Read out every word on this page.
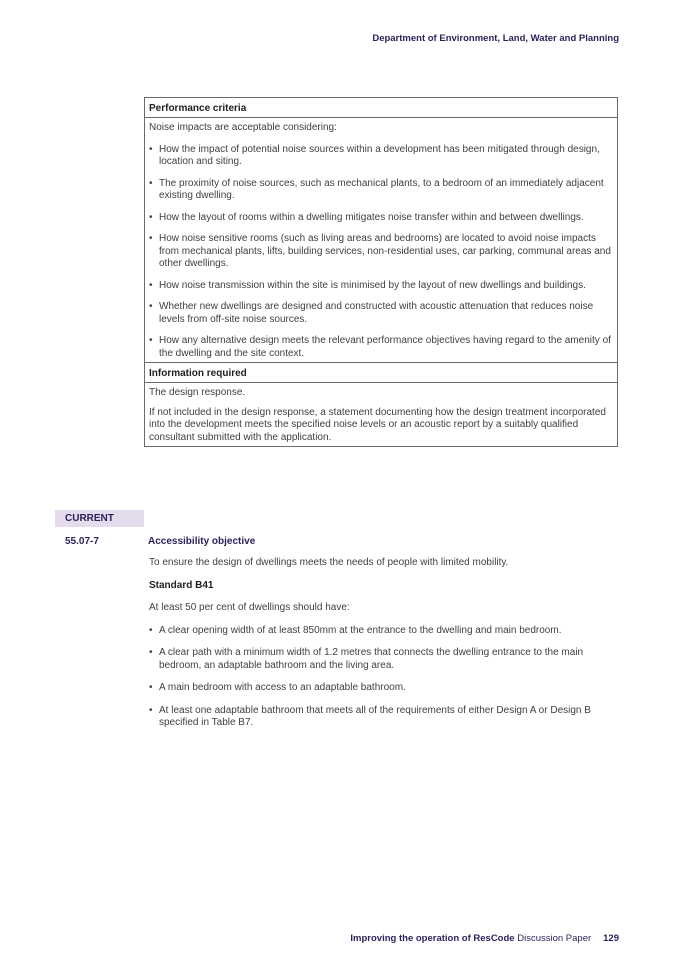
Department of Environment, Land, Water and Planning
Performance criteria

Noise impacts are acceptable considering:

• How the impact of potential noise sources within a development has been mitigated through design, location and siting.
• The proximity of noise sources, such as mechanical plants, to a bedroom of an immediately adjacent existing dwelling.
• How the layout of rooms within a dwelling mitigates noise transfer within and between dwellings.
• How noise sensitive rooms (such as living areas and bedrooms) are located to avoid noise impacts from mechanical plants, lifts, building services, non-residential uses, car parking, communal areas and other dwellings.
• How noise transmission within the site is minimised by the layout of new dwellings and buildings.
• Whether new dwellings are designed and constructed with acoustic attenuation that reduces noise levels from off-site noise sources.
• How any alternative design meets the relevant performance objectives having regard to the amenity of the dwelling and the site context.
Information required

The design response.

If not included in the design response, a statement documenting how the design treatment incorporated into the development meets the specified noise levels or an acoustic report by a suitably qualified consultant submitted with the application.

CURRENT
55.07-7	Accessibility objective

To ensure the design of dwellings meets the needs of people with limited mobility.

Standard B41

At least 50 per cent of dwellings should have:

• A clear opening width of at least 850mm at the entrance to the dwelling and main bedroom.
• A clear path with a minimum width of 1.2 metres that connects the dwelling entrance to the main bedroom, an adaptable bathroom and the living area.
• A main bedroom with access to an adaptable bathroom.
• At least one adaptable bathroom that meets all of the requirements of either Design A or Design B specified in Table B7.
Improving the operation of ResCode Discussion Paper 129
